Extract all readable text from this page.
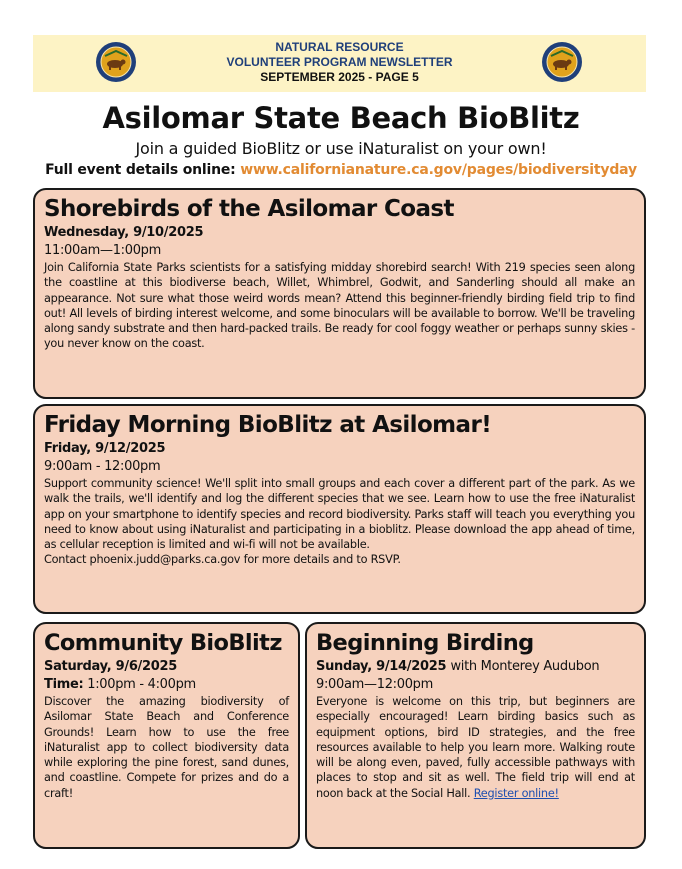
NATURAL RESOURCE
VOLUNTEER PROGRAM NEWSLETTER
SEPTEMBER 2025 - PAGE 5
Asilomar State Beach BioBlitz
Join a guided BioBlitz or use iNaturalist on your own!
Full event details online: www.californianature.ca.gov/pages/biodiversityday
Shorebirds of the Asilomar Coast
Wednesday, 9/10/2025
11:00am—1:00pm

Join California State Parks scientists for a satisfying midday shorebird search! With 219 species seen along the coastline at this biodiverse beach, Willet, Whimbrel, Godwit, and Sanderling should all make an appearance. Not sure what those weird words mean? Attend this beginner-friendly birding field trip to find out! All levels of birding interest welcome, and some binoculars will be available to borrow. We'll be traveling along sandy substrate and then hard-packed trails. Be ready for cool foggy weather or perhaps sunny skies - you never know on the coast.

Friday Morning BioBlitz at Asilomar!
Friday, 9/12/2025
9:00am - 12:00pm

Support community science! We'll split into small groups and each cover a different part of the park. As we walk the trails, we'll identify and log the different species that we see. Learn how to use the free iNaturalist app on your smartphone to identify species and record biodiversity. Parks staff will teach you everything you need to know about using iNaturalist and participating in a bioblitz. Please download the app ahead of time, as cellular reception is limited and wi-fi will not be available.

Contact phoenix.judd@parks.ca.gov for more details and to RSVP.

Community BioBlitz
Saturday, 9/6/2025
Time: 1:00pm - 4:00pm

Discover the amazing biodiversity of Asilomar State Beach and Conference Grounds! Learn how to use the free iNaturalist app to collect biodiversity data while exploring the pine forest, sand dunes, and coastline. Compete for prizes and do a craft!

Beginning Birding
Sunday, 9/14/2025 with Monterey Audubon
9:00am—12:00pm

Everyone is welcome on this trip, but beginners are especially encouraged! Learn birding basics such as equipment options, bird ID strategies, and the free resources available to help you learn more. Walking route will be along even, paved, fully accessible pathways with places to stop and sit as well. The field trip will end at noon back at the Social Hall. Register online!
